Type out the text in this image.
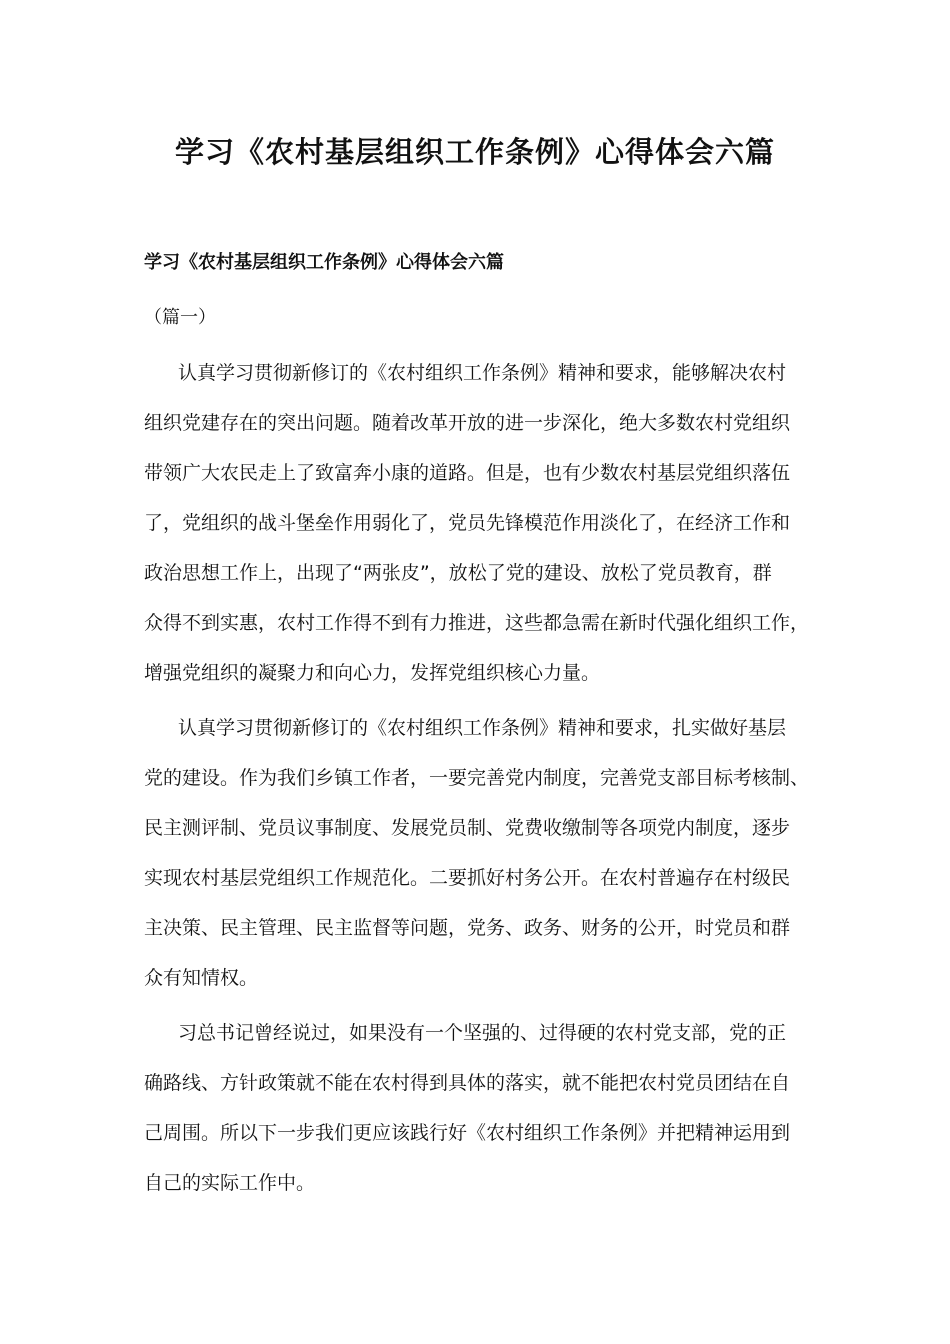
学习《农村基层组织工作条例》心得体会六篇
学习《农村基层组织工作条例》心得体会六篇
（篇一）
认真学习贯彻新修订的《农村组织工作条例》精神和要求，能够解决农村
组织党建存在的突出问题。随着改革开放的进一步深化，绝大多数农村党组织
带领广大农民走上了致富奔小康的道路。但是，也有少数农村基层党组织落伍
了，党组织的战斗堡垒作用弱化了，党员先锋模范作用淡化了，在经济工作和
政治思想工作上，出现了“两张皮”，放松了党的建设、放松了党员教育，群
众得不到实惠，农村工作得不到有力推进，这些都急需在新时代强化组织工作，
增强党组织的凝聚力和向心力，发挥党组织核心力量。
认真学习贯彻新修订的《农村组织工作条例》精神和要求，扎实做好基层
党的建设。作为我们乡镇工作者，一要完善党内制度，完善党支部目标考核制、
民主测评制、党员议事制度、发展党员制、党费收缴制等各项党内制度，逐步
实现农村基层党组织工作规范化。二要抓好村务公开。在农村普遍存在村级民
主决策、民主管理、民主监督等问题，党务、政务、财务的公开，时党员和群
众有知情权。
习总书记曾经说过，如果没有一个坚强的、过得硬的农村党支部，党的正
确路线、方针政策就不能在农村得到具体的落实，就不能把农村党员团结在自
己周围。所以下一步我们更应该践行好《农村组织工作条例》并把精神运用到
自己的实际工作中。
